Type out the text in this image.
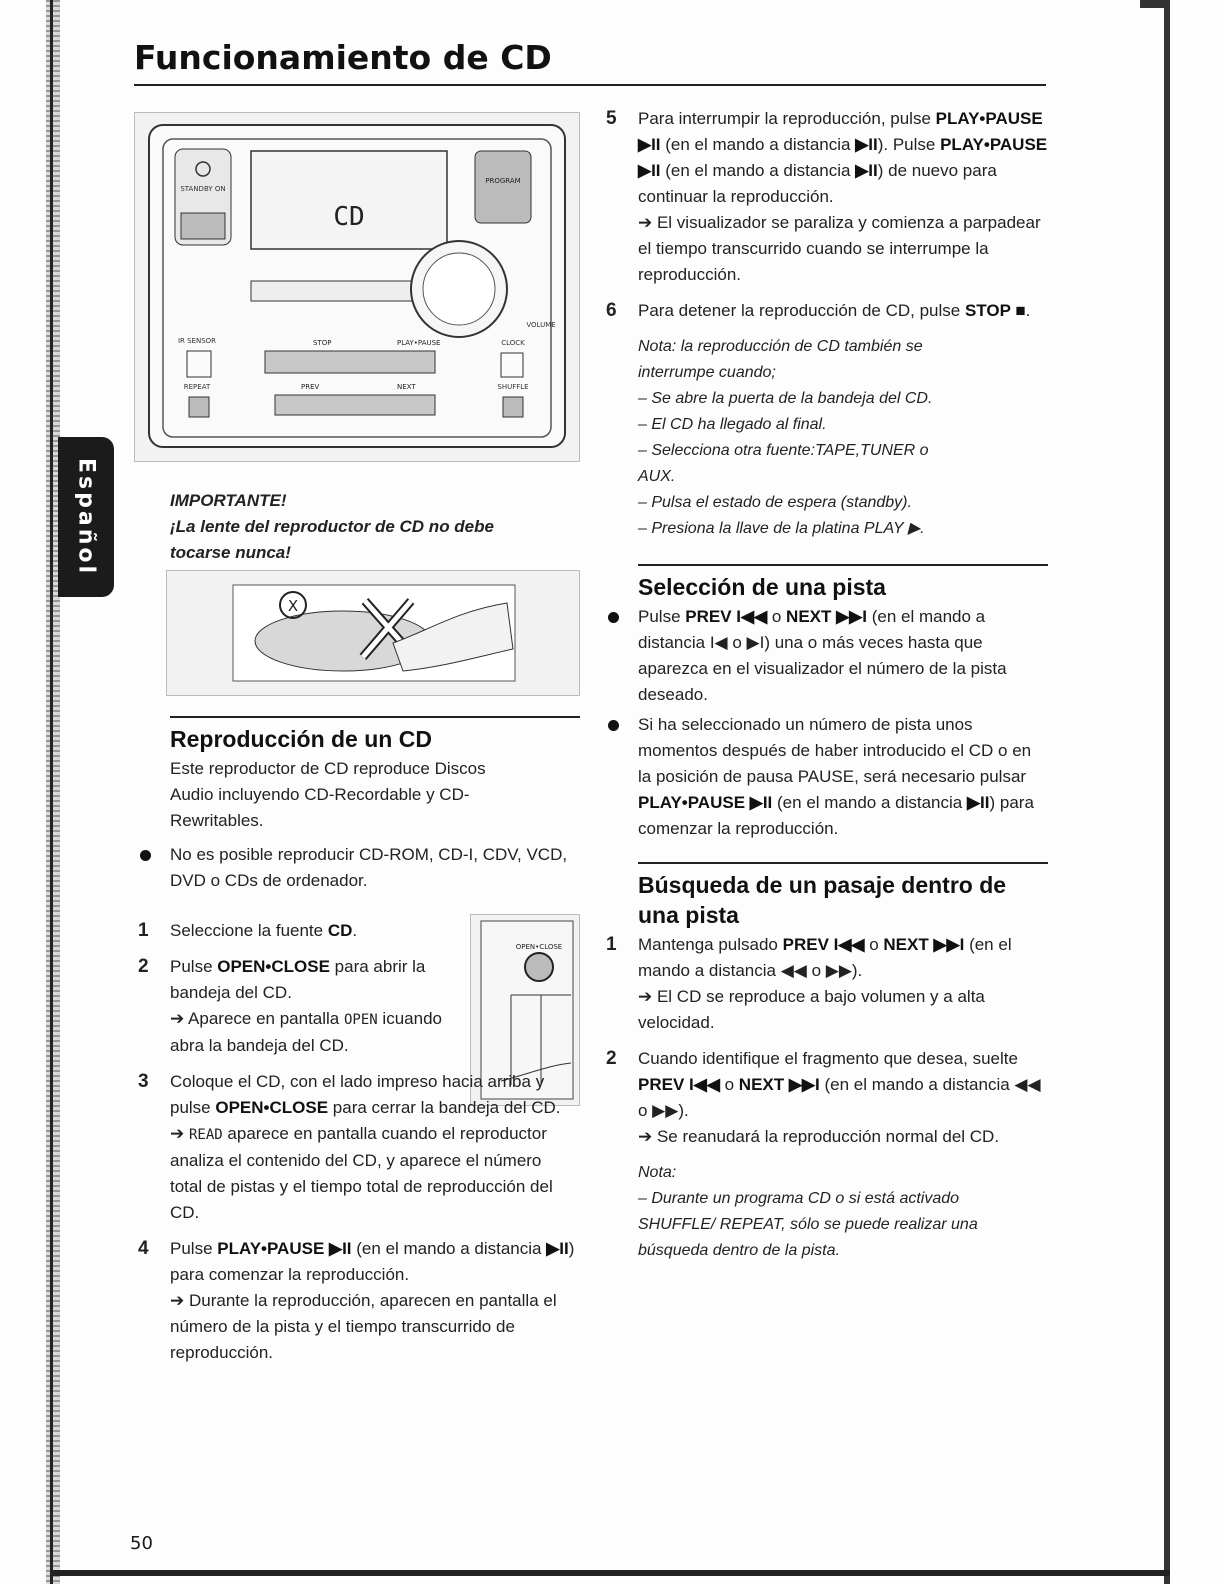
Funcionamiento de CD
Español
STANDBY ON
CD
PROGRAM
VOLUME
IR SENSOR
REPEAT
STOP	PLAY•PAUSE
PREV	NEXT
CLOCK
SHUFFLE
IMPORTANTE!
¡La lente del reproductor de CD no debe tocarse nunca!
X
Reproducción de un CD
Este reproductor de CD reproduce Discos Audio incluyendo CD-Recordable y CD-Rewritables.
No es posible reproducir CD-ROM, CD-I, CDV, VCD, DVD o CDs de ordenador.
OPEN•CLOSE
1 Seleccione la fuente CD.
2 Pulse OPEN•CLOSE para abrir la bandeja del CD.
➔ Aparece en pantalla OPEN icuando abra la bandeja del CD.
3 Coloque el CD, con el lado impreso hacia arriba y pulse OPEN•CLOSE para cerrar la bandeja del CD.
➔ READ aparece en pantalla cuando el reproductor analiza el contenido del CD, y aparece el número total de pistas y el tiempo total de reproducción del CD.
4 Pulse PLAY•PAUSE ▶II (en el mando a distancia ▶II) para comenzar la reproducción.
➔ Durante la reproducción, aparecen en pantalla el número de la pista y el tiempo transcurrido de reproducción.
5 Para interrumpir la reproducción, pulse PLAY•PAUSE ▶II (en el mando a distancia ▶II). Pulse PLAY•PAUSE ▶II (en el mando a distancia ▶II) de nuevo para continuar la reproducción.
➔ El visualizador se paraliza y comienza a parpadear el tiempo transcurrido cuando se interrumpe la reproducción.
6 Para detener la reproducción de CD, pulse STOP ■.
Nota: la reproducción de CD también se interrumpe cuando;
– Se abre la puerta de la bandeja del CD.
– El CD ha llegado al final.
– Selecciona otra fuente:TAPE,TUNER o AUX.
– Pulsa el estado de espera (standby).
– Presiona la llave de la platina PLAY ▶.
Selección de una pista
Pulse PREV I◀◀ o NEXT ▶▶I (en el mando a distancia I◀ o ▶I) una o más veces hasta que aparezca en el visualizador el número de la pista deseado.
Si ha seleccionado un número de pista unos momentos después de haber introducido el CD o en la posición de pausa PAUSE, será necesario pulsar PLAY•PAUSE ▶II (en el mando a distancia ▶II) para comenzar la reproducción.
Búsqueda de un pasaje dentro de una pista
1 Mantenga pulsado PREV I◀◀ o NEXT ▶▶I (en el mando a distancia ◀◀ o ▶▶).
➔ El CD se reproduce a bajo volumen y a alta velocidad.
2 Cuando identifique el fragmento que desea, suelte PREV I◀◀ o NEXT ▶▶I (en el mando a distancia ◀◀ o ▶▶).
➔ Se reanudará la reproducción normal del CD.
Nota:
– Durante un programa CD o si está activado SHUFFLE/ REPEAT, sólo se puede realizar una búsqueda dentro de la pista.
50
